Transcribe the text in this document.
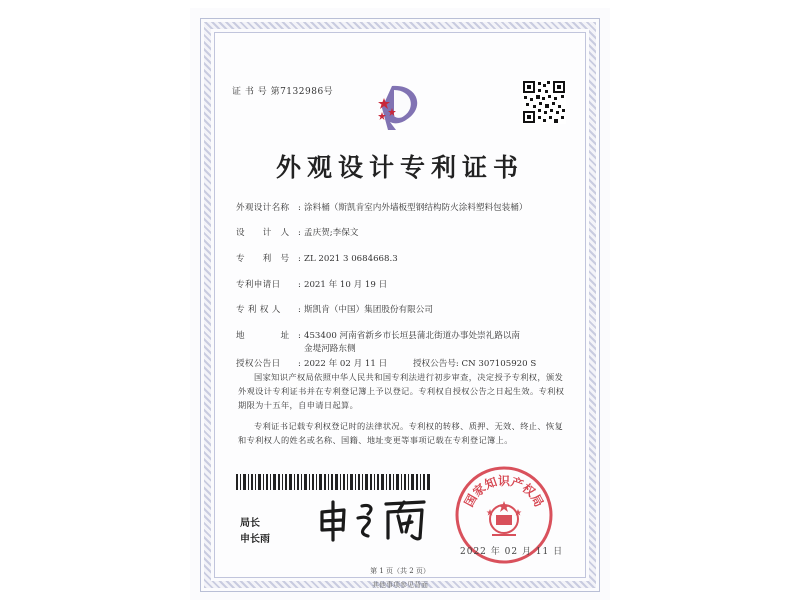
证 书 号 第7132986号
外观设计专利证书
外观设计名称 : 涂料桶（斯凯肯室内外墙板型钢结构防火涂料塑料包装桶）
设　　计　人 : 孟庆贺;李保文
专　　利　号 : ZL 2021 3 0684668.3
专利申请日 : 2021 年 10 月 19 日
专 利 权 人 : 斯凯肯（中国）集团股份有限公司
地　　　　址 : 453400 河南省新乡市长垣县蒲北街道办事处崇礼路以南
金堤河路东侧
授权公告日 : 2022 年 02 月 11 日　　　授权公告号: CN 307105920 S

国家知识产权局依照中华人民共和国专利法进行初步审查，决定授予专利权，颁发外观设计专利证书并在专利登记簿上予以登记。专利权自授权公告之日起生效。专利权期限为十五年，自申请日起算。

专利证书记载专利权登记时的法律状况。专利权的转移、质押、无效、终止、恢复和专利权人的姓名或名称、国籍、地址变更等事项记载在专利登记簿上。

局长
申长雨
国家知识产权局
2022 年 02 月 11 日
第 1 页（共 2 页）
其他事项参见背面
